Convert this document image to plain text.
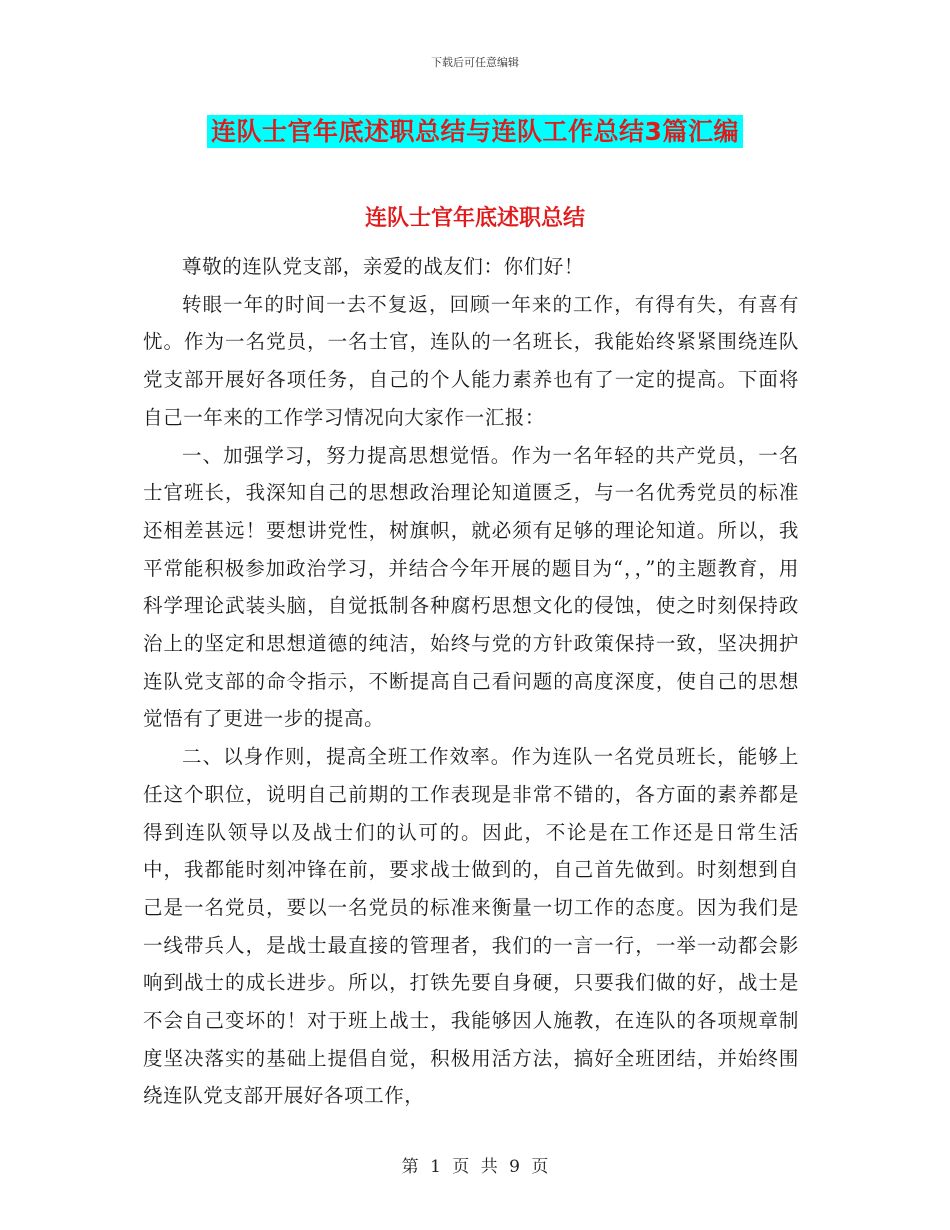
下载后可任意编辑
连队士官年底述职总结与连队工作总结3篇汇编
连队士官年底述职总结

尊敬的连队党支部，亲爱的战友们：你们好！

转眼一年的时间一去不复返，回顾一年来的工作，有得有失，有喜有忧。作为一名党员，一名士官，连队的一名班长，我能始终紧紧围绕连队党支部开展好各项任务，自己的个人能力素养也有了一定的提高。下面将自己一年来的工作学习情况向大家作一汇报：

一、加强学习，努力提高思想觉悟。作为一名年轻的共产党员，一名士官班长，我深知自己的思想政治理论知道匮乏，与一名优秀党员的标准还相差甚远！要想讲党性，树旗帜，就必须有足够的理论知道。所以，我平常能积极参加政治学习，并结合今年开展的题目为“，，”的主题教育，用科学理论武装头脑，自觉抵制各种腐朽思想文化的侵蚀，使之时刻保持政治上的坚定和思想道德的纯洁，始终与党的方针政策保持一致，坚决拥护连队党支部的命令指示，不断提高自己看问题的高度深度，使自己的思想觉悟有了更进一步的提高。

二、以身作则，提高全班工作效率。作为连队一名党员班长，能够上任这个职位，说明自己前期的工作表现是非常不错的，各方面的素养都是得到连队领导以及战士们的认可的。因此，不论是在工作还是日常生活中，我都能时刻冲锋在前，要求战士做到的，自己首先做到。时刻想到自己是一名党员，要以一名党员的标准来衡量一切工作的态度。因为我们是一线带兵人，是战士最直接的管理者，我们的一言一行，一举一动都会影响到战士的成长进步。所以，打铁先要自身硬，只要我们做的好，战士是不会自己变坏的！对于班上战士，我能够因人施教，在连队的各项规章制度坚决落实的基础上提倡自觉，积极用活方法，搞好全班团结，并始终围绕连队党支部开展好各项工作，

第 1 页 共 9 页
